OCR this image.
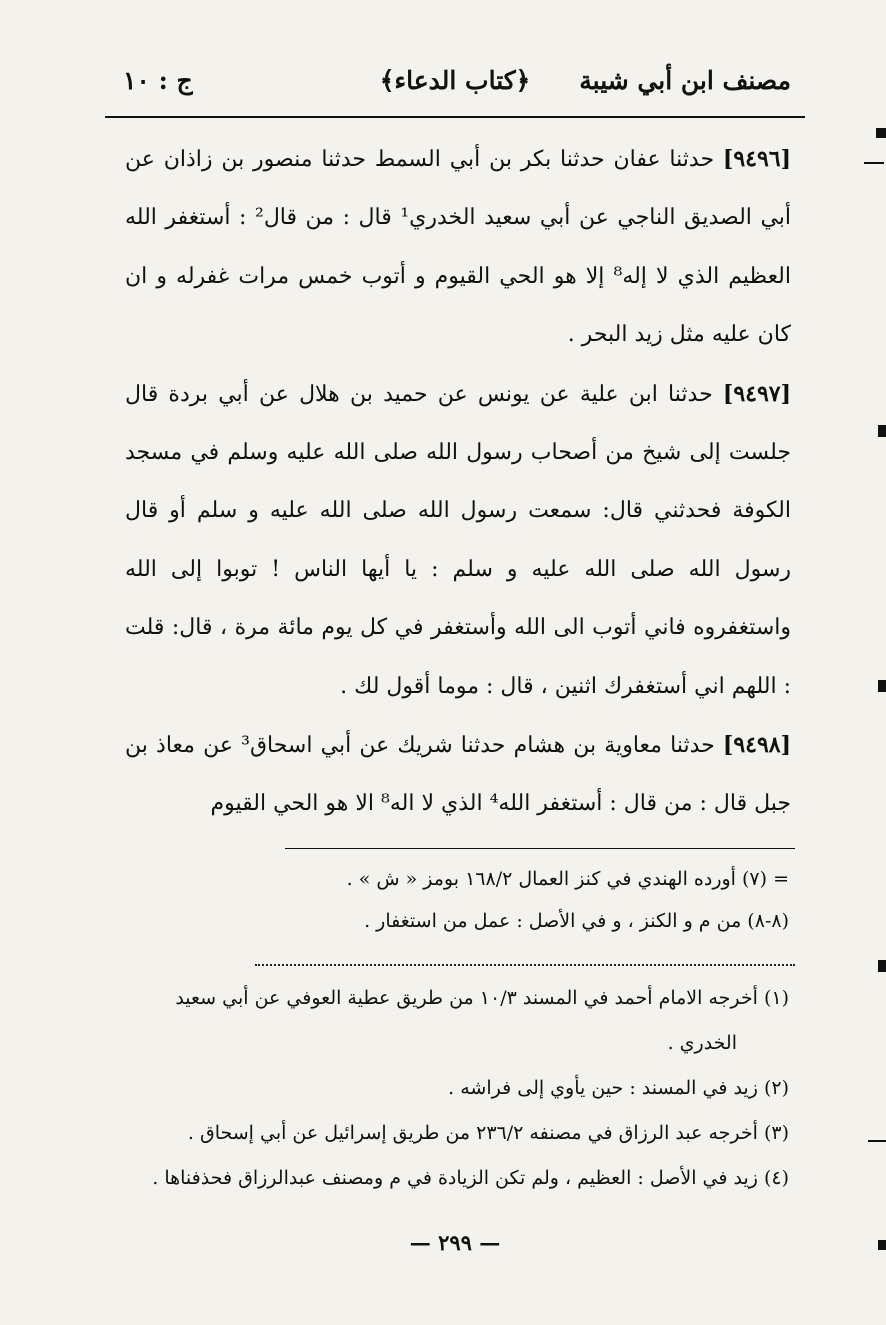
مصنف ابن أبي شيبة
﴿كتاب الدعاء﴾
ج : ١٠

[٩٤٩٦] حدثنا عفان حدثنا بكر بن أبي السمط حدثنا منصور بن زاذان عن أبي الصديق الناجي عن أبي سعيد الخدري¹ قال : من قال² : أستغفر الله العظيم الذي لا إله⁸ إلا هو الحي القيوم و أتوب خمس مرات غفرله و ان كان عليه مثل زيد البحر .

[٩٤٩٧] حدثنا ابن علية عن يونس عن حميد بن هلال عن أبي بردة قال جلست إلى شيخ من أصحاب رسول الله صلى الله عليه وسلم في مسجد الكوفة فحدثني قال: سمعت رسول الله صلى الله عليه و سلم أو قال رسول الله صلى الله عليه و سلم : يا أيها الناس ! توبوا إلى الله واستغفروه فاني أتوب الى الله وأستغفر في كل يوم مائة مرة ، قال: قلت : اللهم اني أستغفرك اثنين ، قال : موما أقول لك .

[٩٤٩٨] حدثنا معاوية بن هشام حدثنا شريك عن أبي اسحاق³ عن معاذ بن جبل قال : من قال : أستغفر الله⁴ الذي لا اله⁸ الا هو الحي القيوم

= (٧) أورده الهندي في كنز العمال ١٦٨/٢ بومز « ش » .

(٨-٨) من م و الكنز ، و في الأصل : عمل من استغفار .

(١) أخرجه الامام أحمد في المسند ١٠/٣ من طريق عطية العوفي عن أبي سعيد

الخدري .

(٢) زيد في المسند : حين يأوي إلى فراشه .

(٣) أخرجه عبد الرزاق في مصنفه ٢٣٦/٢ من طريق إسرائيل عن أبي إسحاق .

(٤) زيد في الأصل : العظيم ، ولم تكن الزيادة في م ومصنف عبدالرزاق فحذفناها .

— ٢٩٩ —
